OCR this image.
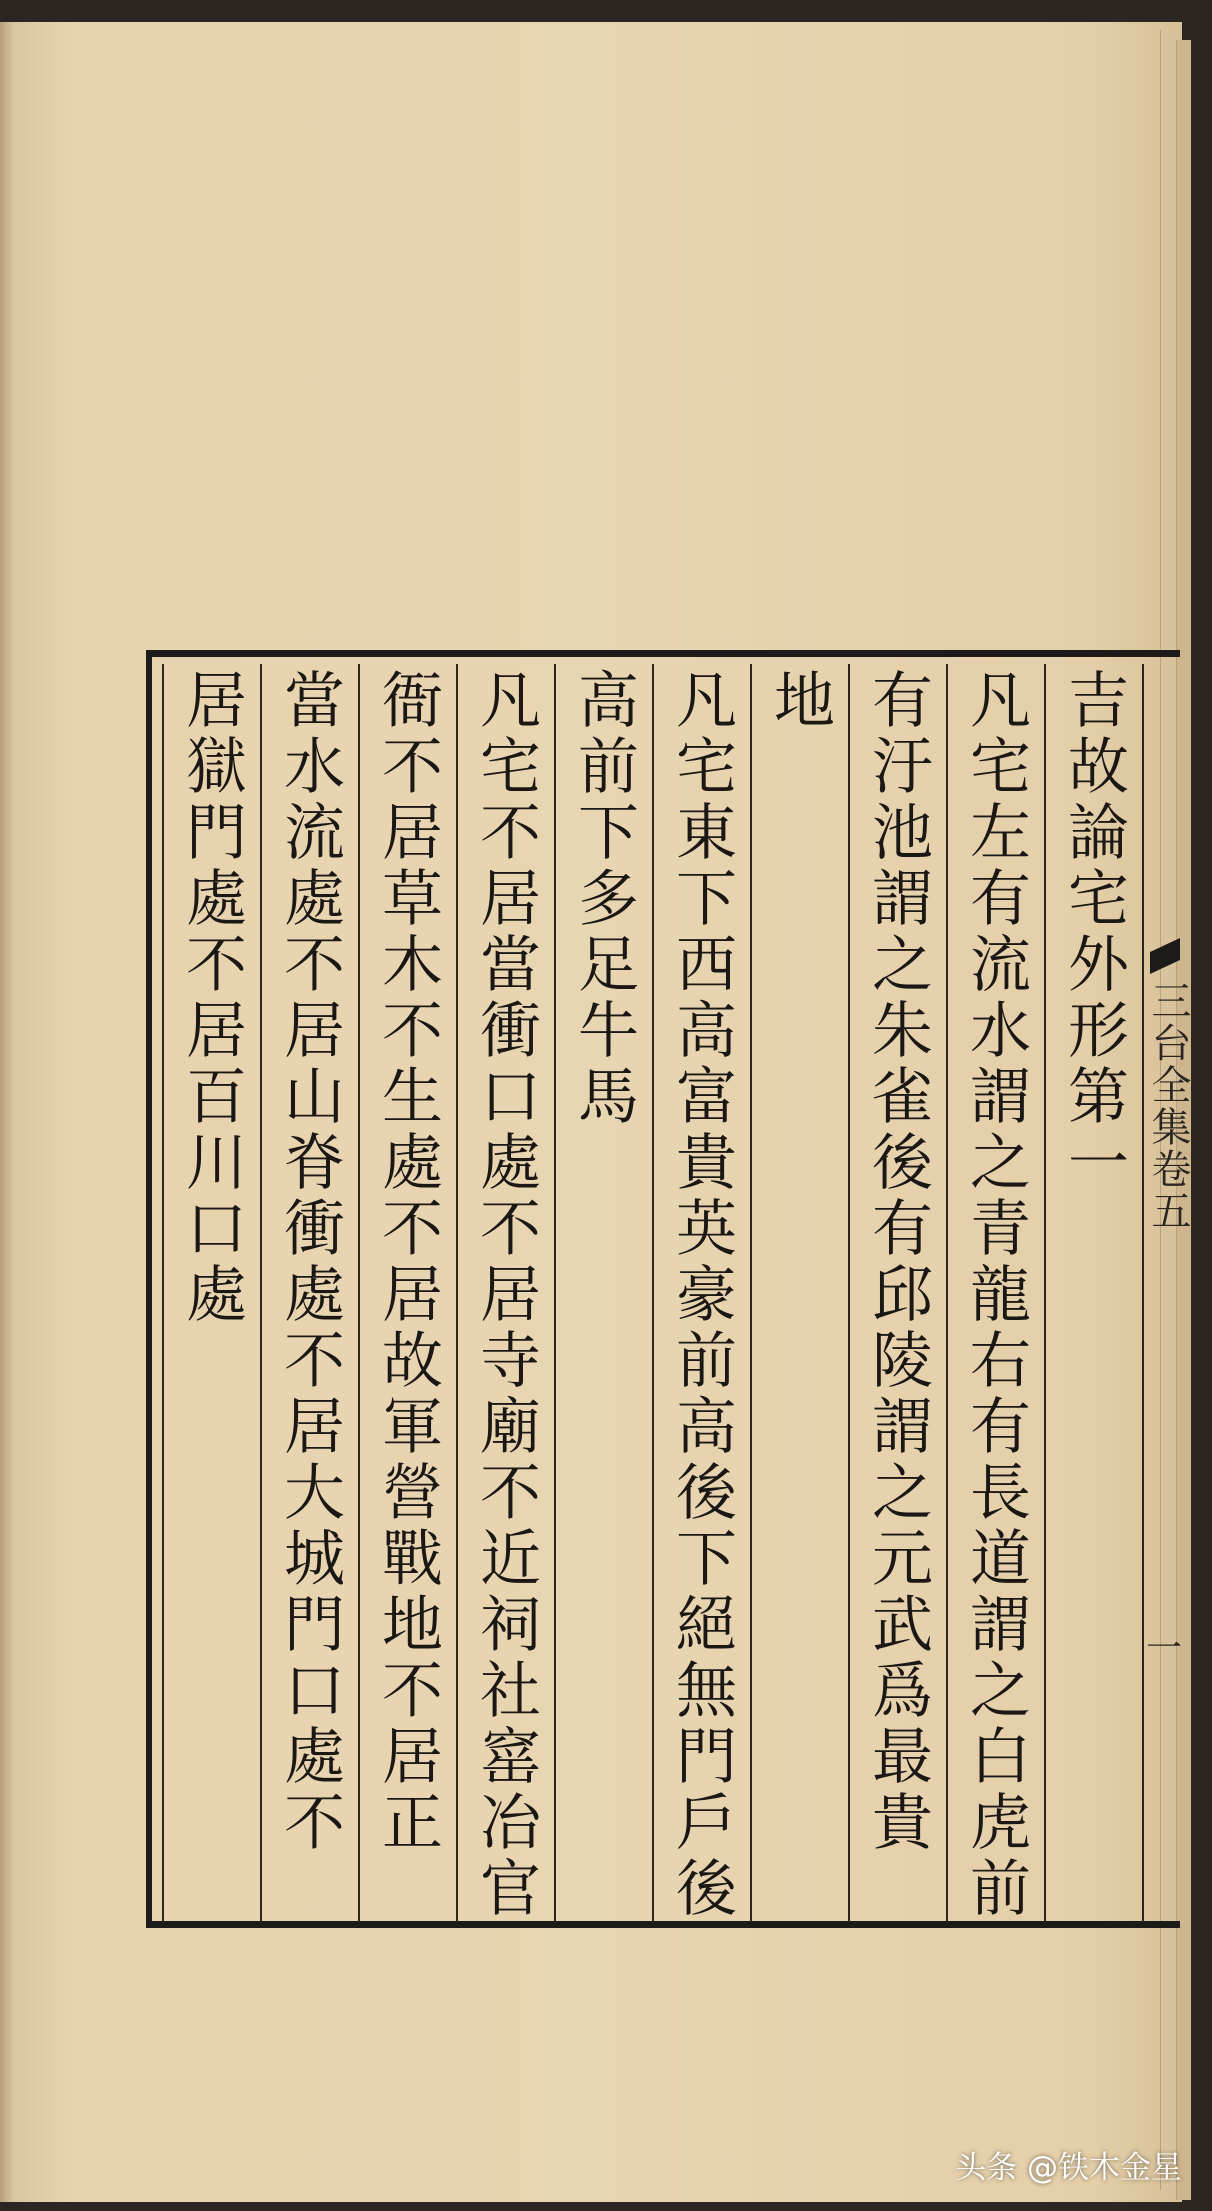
吉故論宅外形第一
凡宅左有流水謂之青龍右有長道謂之白虎前
有汙池謂之朱雀後有邱陵謂之元武爲最貴
地
凡宅東下西高富貴英豪前高後下絕無門戶後
高前下多足牛馬
凡宅不居當衝口處不居寺廟不近祠社窰冶官
衙不居草木不生處不居故軍營戰地不居正
當水流處不居山脊衝處不居大城門口處不
居獄門處不居百川口處	三台全集卷五
一
头条 @铁木金星
